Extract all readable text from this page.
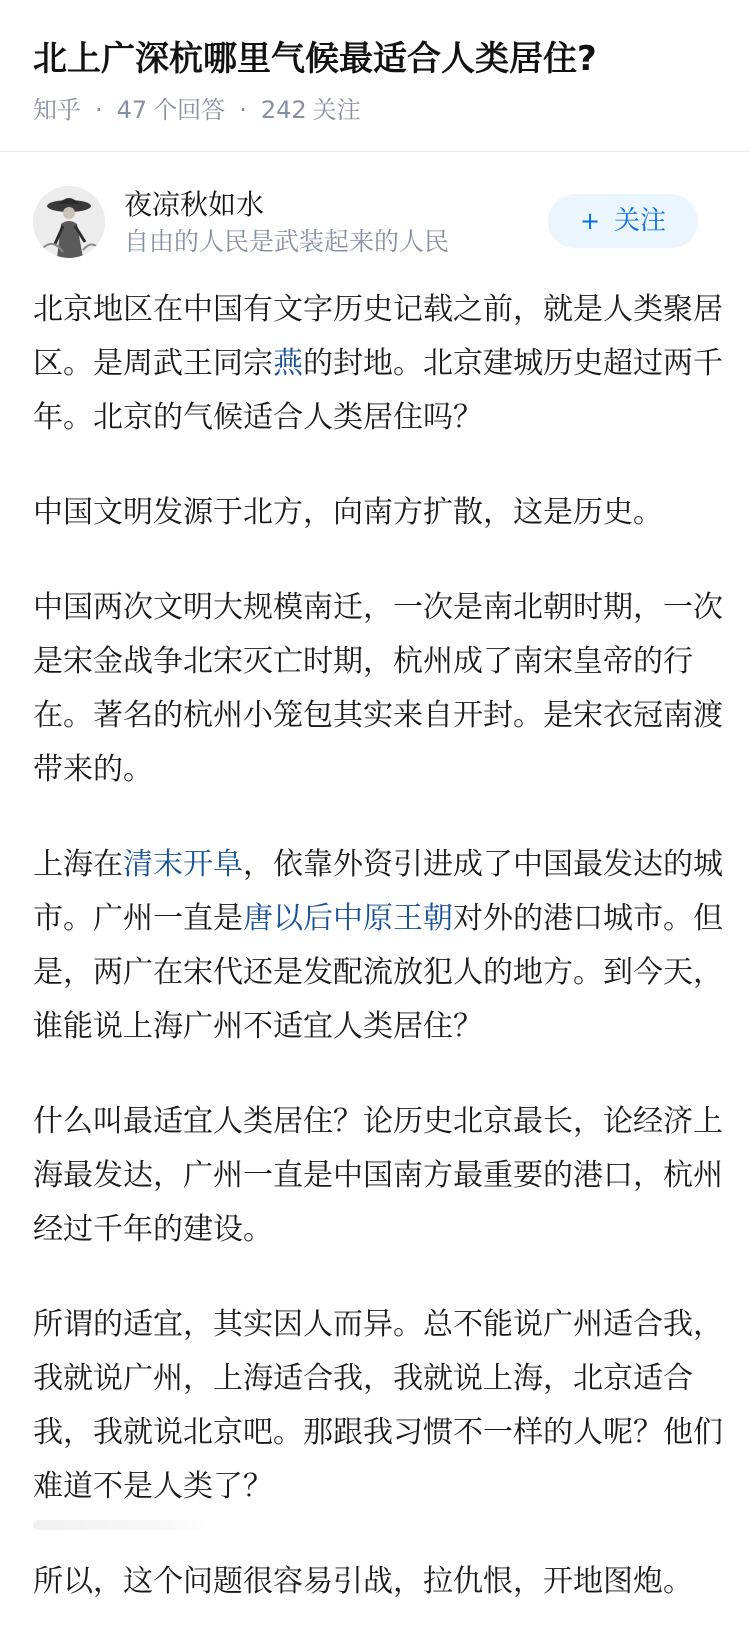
北上广深杭哪里气候最适合人类居住?
知乎 · 47 个回答 · 242 关注
夜凉秋如水
自由的人民是武装起来的人民
+ 关注

北京地区在中国有文字历史记载之前，就是人类聚居区。是周武王同宗燕的封地。北京建城历史超过两千年。北京的气候适合人类居住吗？

中国文明发源于北方，向南方扩散，这是历史。

中国两次文明大规模南迁，一次是南北朝时期，一次是宋金战争北宋灭亡时期，杭州成了南宋皇帝的行在。著名的杭州小笼包其实来自开封。是宋衣冠南渡带来的。

上海在清末开阜，依靠外资引进成了中国最发达的城市。广州一直是唐以后中原王朝对外的港口城市。但是，两广在宋代还是发配流放犯人的地方。到今天，谁能说上海广州不适宜人类居住？

什么叫最适宜人类居住？论历史北京最长，论经济上海最发达，广州一直是中国南方最重要的港口，杭州经过千年的建设。

所谓的适宜，其实因人而异。总不能说广州适合我，我就说广州，上海适合我，我就说上海，北京适合我，我就说北京吧。那跟我习惯不一样的人呢？他们难道不是人类了？

所以，这个问题很容易引战，拉仇恨，开地图炮。
